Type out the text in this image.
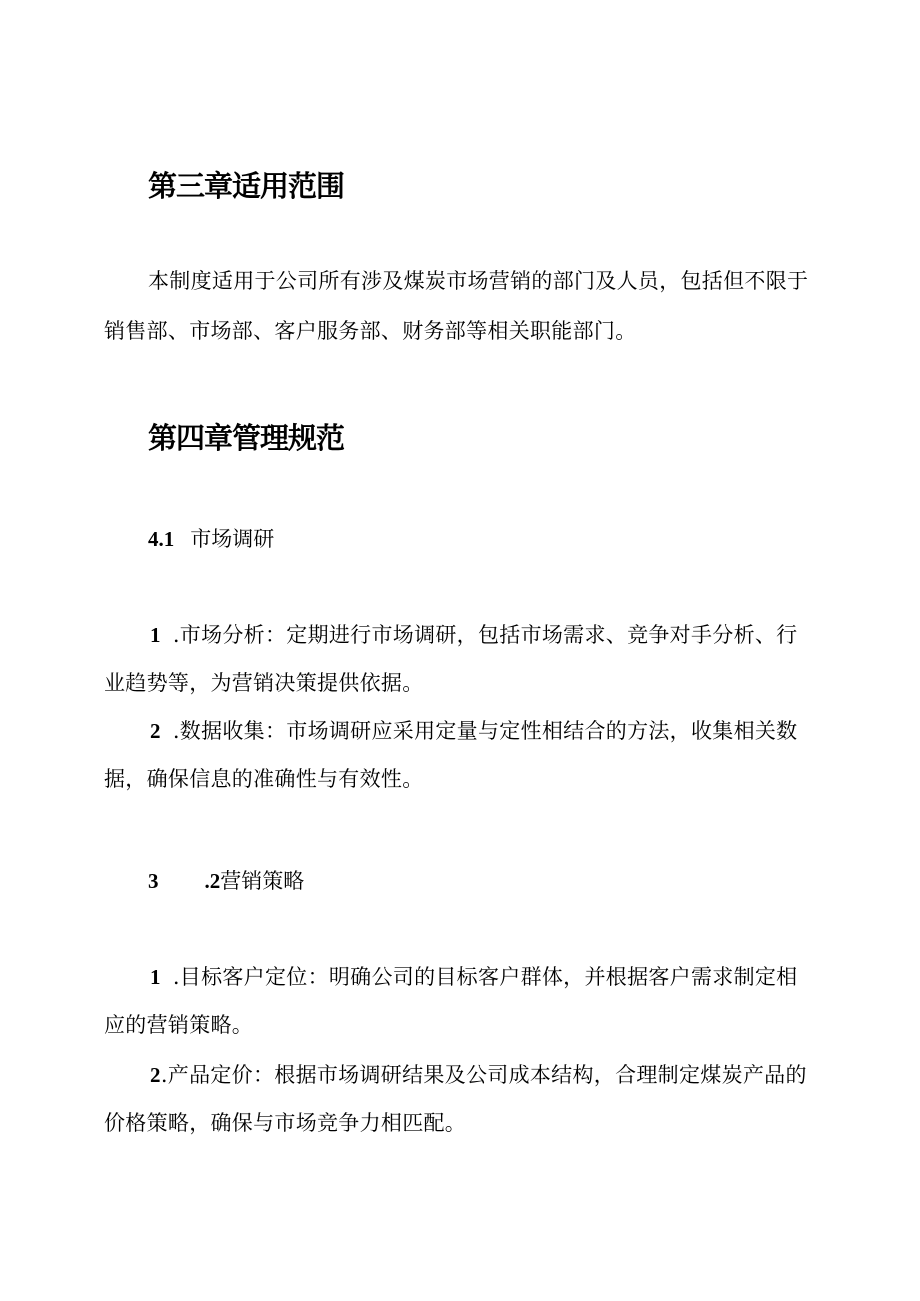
第三章适用范围
本制度适用于公司所有涉及煤炭市场营销的部门及人员，包括但不限于
销售部、市场部、客户服务部、财务部等相关职能部门。
第四章管理规范
4.1 市场调研
1 .市场分析：定期进行市场调研，包括市场需求、竞争对手分析、行
业趋势等，为营销决策提供依据。
2 .数据收集：市场调研应采用定量与定性相结合的方法，收集相关数
据，确保信息的准确性与有效性。
3 .2营销策略
1 .目标客户定位：明确公司的目标客户群体，并根据客户需求制定相
应的营销策略。
2.产品定价：根据市场调研结果及公司成本结构，合理制定煤炭产品的
价格策略，确保与市场竞争力相匹配。
